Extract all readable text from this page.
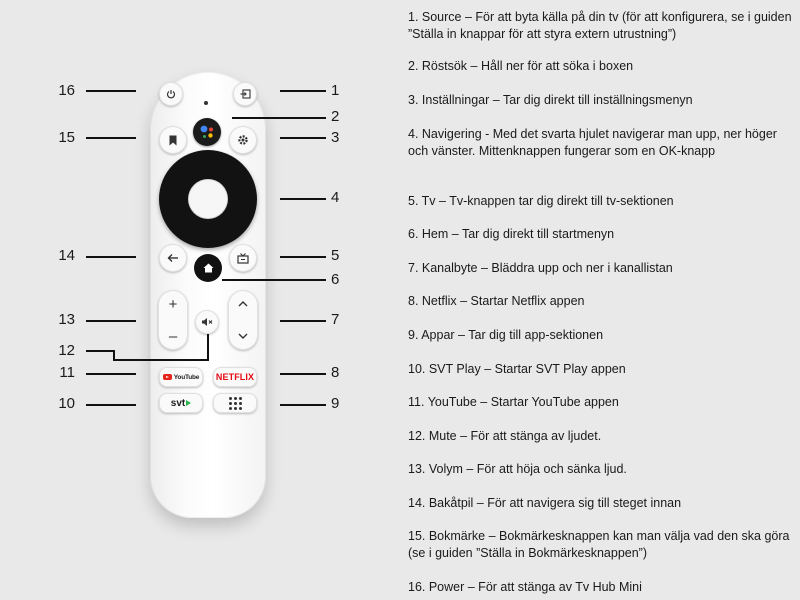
+
–
YouTube NETFLIX
svt
16
15
14
13
12
11
10
1
2
3
4
5
6
7
8
9
1. Source – För att byta källa på din tv (för att konfigurera, se i guiden ”Ställa in knappar för att styra extern utrustning”)
2. Röstsök – Håll ner för att söka i boxen
3. Inställningar – Tar dig direkt till inställningsmenyn
4. Navigering - Med det svarta hjulet navigerar man upp, ner höger och vänster. Mittenknappen fungerar som en OK-knapp
5. Tv – Tv-knappen tar dig direkt till tv-sektionen
6. Hem – Tar dig direkt till startmenyn
7. Kanalbyte – Bläddra upp och ner i kanallistan
8. Netflix – Startar Netflix appen
9. Appar – Tar dig till app-sektionen
10. SVT Play – Startar SVT Play appen
11. YouTube – Startar YouTube appen
12. Mute – För att stänga av ljudet.
13. Volym – För att höja och sänka ljud.
14. Bakåtpil – För att navigera sig till steget innan
15. Bokmärke – Bokmärkesknappen kan man välja vad den ska göra (se i guiden ”Ställa in Bokmärkesknappen”)
16. Power – För att stänga av Tv Hub Mini
